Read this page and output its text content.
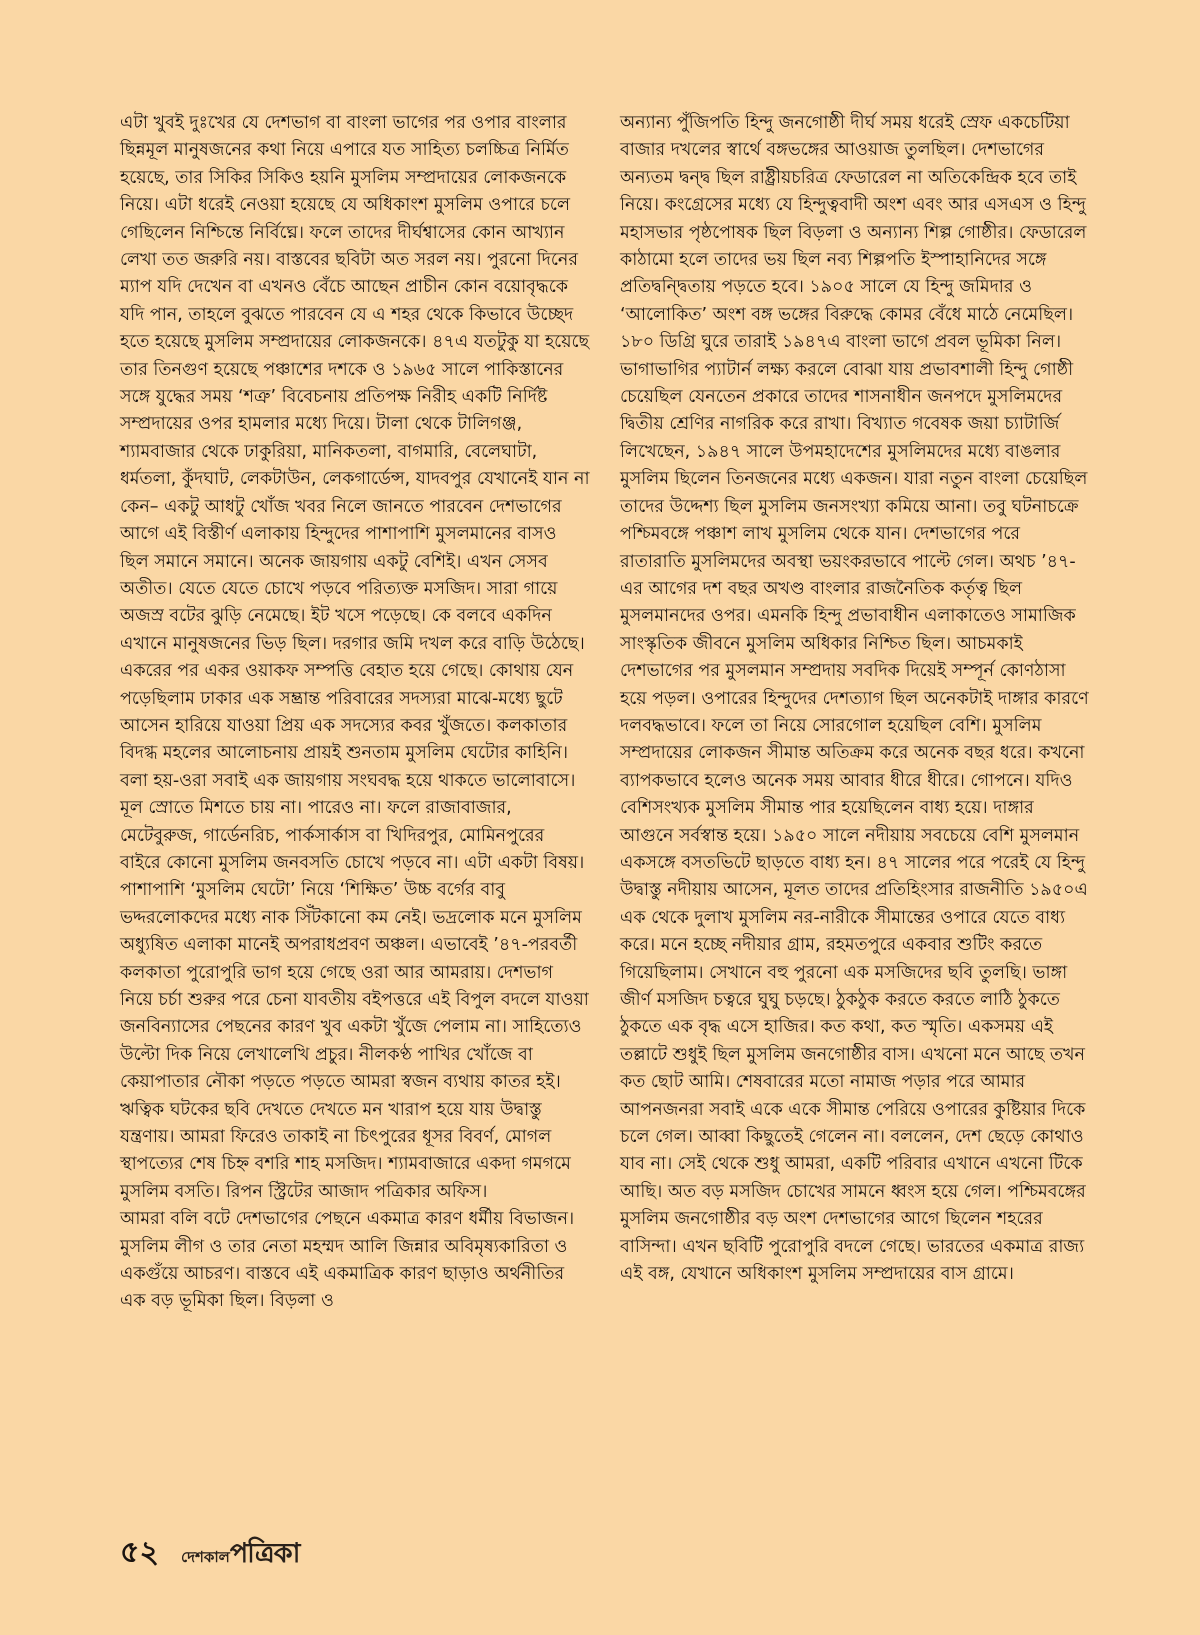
এটা খুবই দুঃখের যে দেশভাগ বা বাংলা ভাগের পর ওপার বাংলার ছিন্নমূল মানুষজনের কথা নিয়ে এপারে যত সাহিত্য চলচ্চিত্র নির্মিত হয়েছে, তার সিকির সিকিও হয়নি মুসলিম সম্প্রদায়ের লোকজনকে নিয়ে। এটা ধরেই নেওয়া হয়েছে যে অধিকাংশ মুসলিম ওপারে চলে গেছিলেন নিশ্চিন্তে নির্বিঘ্নে। ফলে তাদের দীর্ঘশ্বাসের কোন আখ্যান লেখা তত জরুরি নয়। বাস্তবের ছবিটা অত সরল নয়। পুরনো দিনের ম্যাপ যদি দেখেন বা এখনও বেঁচে আছেন প্রাচীন কোন বয়োবৃদ্ধকে যদি পান, তাহলে বুঝতে পারবেন যে এ শহর থেকে কিভাবে উচ্ছেদ হতে হয়েছে মুসলিম সম্প্রদায়ের লোকজনকে। ৪৭এ যতটুকু যা হয়েছে তার তিনগুণ হয়েছে পঞ্চাশের দশকে ও ১৯৬৫ সালে পাকিস্তানের সঙ্গে যুদ্ধের সময় ‘শত্রু’ বিবেচনায় প্রতিপক্ষ নিরীহ একটি নির্দিষ্ট সম্প্রদায়ের ওপর হামলার মধ্যে দিয়ে। টালা থেকে টালিগঞ্জ, শ্যামবাজার থেকে ঢাকুরিয়া, মানিকতলা, বাগমারি, বেলেঘাটা, ধর্মতলা, কুঁদঘাট, লেকটাউন, লেকগার্ডেন্স, যাদবপুর যেখানেই যান না কেন– একটু আধটু খোঁজ খবর নিলে জানতে পারবেন দেশভাগের আগে এই বিস্তীর্ণ এলাকায় হিন্দুদের পাশাপাশি মুসলমানের বাসও ছিল সমানে সমানে। অনেক জায়গায় একটু বেশিই। এখন সেসব অতীত। যেতে যেতে চোখে পড়বে পরিত্যক্ত মসজিদ। সারা গায়ে অজস্র বটের ঝুড়ি নেমেছে। ইট খসে পড়েছে। কে বলবে একদিন এখানে মানুষজনের ভিড় ছিল। দরগার জমি দখল করে বাড়ি উঠেছে। একরের পর একর ওয়াকফ সম্পত্তি বেহাত হয়ে গেছে। কোথায় যেন পড়েছিলাম ঢাকার এক সম্ভ্রান্ত পরিবারের সদস্যরা মাঝে-মধ্যে ছুটে আসেন হারিয়ে যাওয়া প্রিয় এক সদস্যের কবর খুঁজতে। কলকাতার বিদগ্ধ মহলের আলোচনায় প্রায়ই শুনতাম মুসলিম ঘেটোর কাহিনি। বলা হয়-ওরা সবাই এক জায়গায় সংঘবদ্ধ হয়ে থাকতে ভালোবাসে। মূল স্রোতে মিশতে চায় না। পারেও না। ফলে রাজাবাজার, মেটেবুরুজ, গার্ডেনরিচ, পার্কসার্কাস বা খিদিরপুর, মোমিনপুরের বাইরে কোনো মুসলিম জনবসতি চোখে পড়বে না। এটা একটা বিষয়। পাশাপাশি ‘মুসলিম ঘেটো’ নিয়ে ‘শিক্ষিত’ উচ্চ বর্গের বাবু ভদ্দরলোকদের মধ্যে নাক সিঁটকানো কম নেই। ভদ্রলোক মনে মুসলিম অধ্যুষিত এলাকা মানেই অপরাধপ্রবণ অঞ্চল। এভাবেই ’৪৭-পরবর্তী কলকাতা পুরোপুরি ভাগ হয়ে গেছে ওরা আর আমরায়। দেশভাগ নিয়ে চর্চা শুরুর পরে চেনা যাবতীয় বইপত্তরে এই বিপুল বদলে যাওয়া জনবিন্যাসের পেছনের কারণ খুব একটা খুঁজে পেলাম না। সাহিত্যেও উল্টো দিক নিয়ে লেখালেখি প্রচুর। নীলকণ্ঠ পাখির খোঁজে বা কেয়াপাতার নৌকা পড়তে পড়তে আমরা স্বজন ব্যথায় কাতর হই। ঋত্বিক ঘটকের ছবি দেখতে দেখতে মন খারাপ হয়ে যায় উদ্বাস্তু যন্ত্রণায়। আমরা ফিরেও তাকাই না চিৎপুরের ধূসর বিবর্ণ, মোগল স্থাপত্যের শেষ চিহ্ন বশরি শাহ মসজিদ। শ্যামবাজারে একদা গমগমে মুসলিম বসতি। রিপন স্ট্রিটের আজাদ পত্রিকার অফিস।

আমরা বলি বটে দেশভাগের পেছনে একমাত্র কারণ ধর্মীয় বিভাজন। মুসলিম লীগ ও তার নেতা মহম্মদ আলি জিন্নার অবিমৃষ্যকারিতা ও একগুঁয়ে আচরণ। বাস্তবে এই একমাত্রিক কারণ ছাড়াও অর্থনীতির এক বড় ভূমিকা ছিল। বিড়লা ও

অন্যান্য পুঁজিপতি হিন্দু জনগোষ্ঠী দীর্ঘ সময় ধরেই স্রেফ একচেটিয়া বাজার দখলের স্বার্থে বঙ্গভঙ্গের আওয়াজ তুলছিল। দেশভাগের অন্যতম দ্বন্দ্ব ছিল রাষ্ট্রীয়চরিত্র ফেডারেল না অতিকেন্দ্রিক হবে তাই নিয়ে। কংগ্রেসের মধ্যে যে হিন্দুত্ববাদী অংশ এবং আর এসএস ও হিন্দু মহাসভার পৃষ্ঠপোষক ছিল বিড়লা ও অন্যান্য শিল্প গোষ্ঠীর। ফেডারেল কাঠামো হলে তাদের ভয় ছিল নব্য শিল্পপতি ইস্পাহানিদের সঙ্গে প্রতিদ্বন্দ্বিতায় পড়তে হবে। ১৯০৫ সালে যে হিন্দু জমিদার ও ‘আলোকিত’ অংশ বঙ্গ ভঙ্গের বিরুদ্ধে কোমর বেঁধে মাঠে নেমেছিল। ১৮০ ডিগ্রি ঘুরে তারাই ১৯৪৭এ বাংলা ভাগে প্রবল ভূমিকা নিল। ভাগাভাগির প্যাটার্ন লক্ষ্য করলে বোঝা যায় প্রভাবশালী হিন্দু গোষ্ঠী চেয়েছিল যেনতেন প্রকারে তাদের শাসনাধীন জনপদে মুসলিমদের দ্বিতীয় শ্রেণির নাগরিক করে রাখা। বিখ্যাত গবেষক জয়া চ্যাটার্জি লিখেছেন, ১৯৪৭ সালে উপমহাদেশের মুসলিমদের মধ্যে বাঙলার মুসলিম ছিলেন তিনজনের মধ্যে একজন। যারা নতুন বাংলা চেয়েছিল তাদের উদ্দেশ্য ছিল মুসলিম জনসংখ্যা কমিয়ে আনা। তবু ঘটনাচক্রে পশ্চিমবঙ্গে পঞ্চাশ লাখ মুসলিম থেকে যান। দেশভাগের পরে রাতারাতি মুসলিমদের অবস্থা ভয়ংকরভাবে পাল্টে গেল। অথচ ’৪৭-এর আগের দশ বছর অখণ্ড বাংলার রাজনৈতিক কর্তৃত্ব ছিল মুসলমানদের ওপর। এমনকি হিন্দু প্রভাবাধীন এলাকাতেও সামাজিক সাংস্কৃতিক জীবনে মুসলিম অধিকার নিশ্চিত ছিল। আচমকাই দেশভাগের পর মুসলমান সম্প্রদায় সবদিক দিয়েই সম্পূর্ন কোণঠাসা হয়ে পড়ল। ওপারের হিন্দুদের দেশত্যাগ ছিল অনেকটাই দাঙ্গার কারণে দলবদ্ধভাবে। ফলে তা নিয়ে সোরগোল হয়েছিল বেশি। মুসলিম সম্প্রদায়ের লোকজন সীমান্ত অতিক্রম করে অনেক বছর ধরে। কখনো ব্যাপকভাবে হলেও অনেক সময় আবার ধীরে ধীরে। গোপনে। যদিও বেশিসংখ্যক মুসলিম সীমান্ত পার হয়েছিলেন বাধ্য হয়ে। দাঙ্গার আগুনে সর্বস্বান্ত হয়ে। ১৯৫০ সালে নদীয়ায় সবচেয়ে বেশি মুসলমান একসঙ্গে বসতভিটে ছাড়তে বাধ্য হন। ৪৭ সালের পরে পরেই যে হিন্দু উদ্বাস্তু নদীয়ায় আসেন, মূলত তাদের প্রতিহিংসার রাজনীতি ১৯৫০এ এক থেকে দুলাখ মুসলিম নর-নারীকে সীমান্তের ওপারে যেতে বাধ্য করে। মনে হচ্ছে নদীয়ার গ্রাম, রহমতপুরে একবার শুটিং করতে গিয়েছিলাম। সেখানে বহু পুরনো এক মসজিদের ছবি তুলছি। ভাঙ্গা জীর্ণ মসজিদ চত্বরে ঘুঘু চড়ছে। ঠুকঠুক করতে করতে লাঠি ঠুকতে ঠুকতে এক বৃদ্ধ এসে হাজির। কত কথা, কত স্মৃতি। একসময় এই তল্লাটে শুধুই ছিল মুসলিম জনগোষ্ঠীর বাস। এখনো মনে আছে তখন কত ছোট আমি। শেষবারের মতো নামাজ পড়ার পরে আমার আপনজনরা সবাই একে একে সীমান্ত পেরিয়ে ওপারের কুষ্টিয়ার দিকে চলে গেল। আব্বা কিছুতেই গেলেন না। বললেন, দেশ ছেড়ে কোথাও যাব না। সেই থেকে শুধু আমরা, একটি পরিবার এখানে এখনো টিকে আছি। অত বড় মসজিদ চোখের সামনে ধ্বংস হয়ে গেল। পশ্চিমবঙ্গের মুসলিম জনগোষ্ঠীর বড় অংশ দেশভাগের আগে ছিলেন শহরের বাসিন্দা। এখন ছবিটি পুরোপুরি বদলে গেছে। ভারতের একমাত্র রাজ্য এই বঙ্গ, যেখানে অধিকাংশ মুসলিম সম্প্রদায়ের বাস গ্রামে।

৫২ দেশকাল পত্রিকা
